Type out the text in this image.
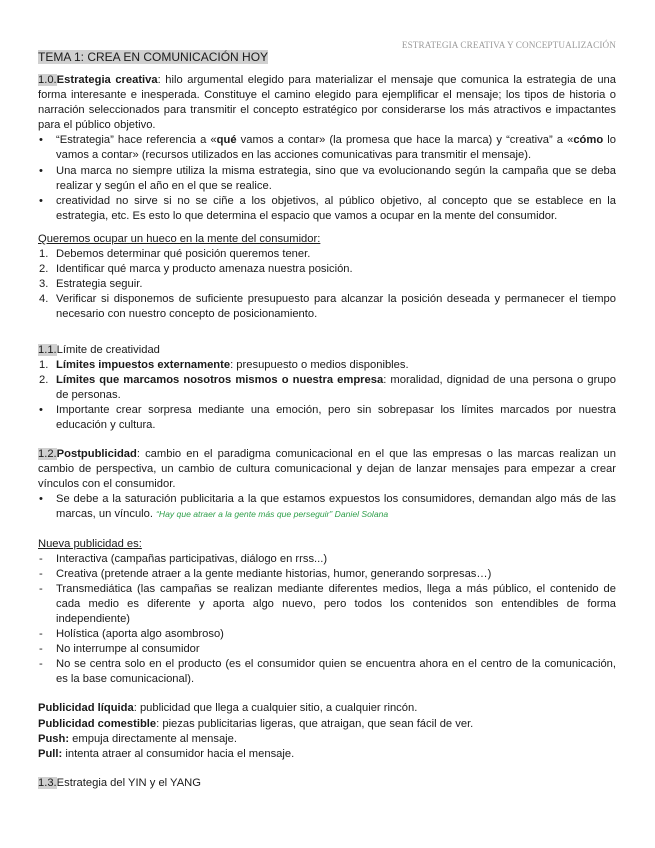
ESTRATEGIA CREATIVA Y CONCEPTUALIZACIÓN
TEMA 1: CREA EN COMUNICACIÓN HOY

1.0.Estrategia creativa: hilo argumental elegido para materializar el mensaje que comunica la estrategia de una forma interesante e inesperada. Constituye el camino elegido para ejemplificar el mensaje; los tipos de historia o narración seleccionados para transmitir el concepto estratégico por considerarse los más atractivos e impactantes para el público objetivo.

• “Estrategia” hace referencia a «qué vamos a contar» (la promesa que hace la marca) y “creativa” a «cómo lo vamos a contar» (recursos utilizados en las acciones comunicativas para transmitir el mensaje).
• Una marca no siempre utiliza la misma estrategia, sino que va evolucionando según la campaña que se deba realizar y según el año en el que se realice.
• creatividad no sirve si no se ciñe a los objetivos, al público objetivo, al concepto que se establece en la estrategia, etc. Es esto lo que determina el espacio que vamos a ocupar en la mente del consumidor.

Queremos ocupar un hueco en la mente del consumidor:

1. Debemos determinar qué posición queremos tener.
2. Identificar qué marca y producto amenaza nuestra posición.
3. Estrategia seguir.
4. Verificar si disponemos de suficiente presupuesto para alcanzar la posición deseada y permanecer el tiempo necesario con nuestro concepto de posicionamiento.

1.1.Límite de creatividad

1. Límites impuestos externamente: presupuesto o medios disponibles.
2. Límites que marcamos nosotros mismos o nuestra empresa: moralidad, dignidad de una persona o grupo de personas.
• Importante crear sorpresa mediante una emoción, pero sin sobrepasar los límites marcados por nuestra educación y cultura.

1.2.Postpublicidad: cambio en el paradigma comunicacional en el que las empresas o las marcas realizan un cambio de perspectiva, un cambio de cultura comunicacional y dejan de lanzar mensajes para empezar a crear vínculos con el consumidor.

• Se debe a la saturación publicitaria a la que estamos expuestos los consumidores, demandan algo más de las marcas, un vínculo. “Hay que atraer a la gente más que perseguir” Daniel Solana

Nueva publicidad es:

- Interactiva (campañas participativas, diálogo en rrss...)
- Creativa (pretende atraer a la gente mediante historias, humor, generando sorpresas…)
- Transmediática (las campañas se realizan mediante diferentes medios, llega a más público, el contenido de cada medio es diferente y aporta algo nuevo, pero todos los contenidos son entendibles de forma independiente)
- Holística (aporta algo asombroso)
- No interrumpe al consumidor
- No se centra solo en el producto (es el consumidor quien se encuentra ahora en el centro de la comunicación, es la base comunicacional).

Publicidad líquida: publicidad que llega a cualquier sitio, a cualquier rincón.

Publicidad comestible: piezas publicitarias ligeras, que atraigan, que sean fácil de ver.

Push: empuja directamente al mensaje.

Pull: intenta atraer al consumidor hacia el mensaje.

1.3.Estrategia del YIN y el YANG
